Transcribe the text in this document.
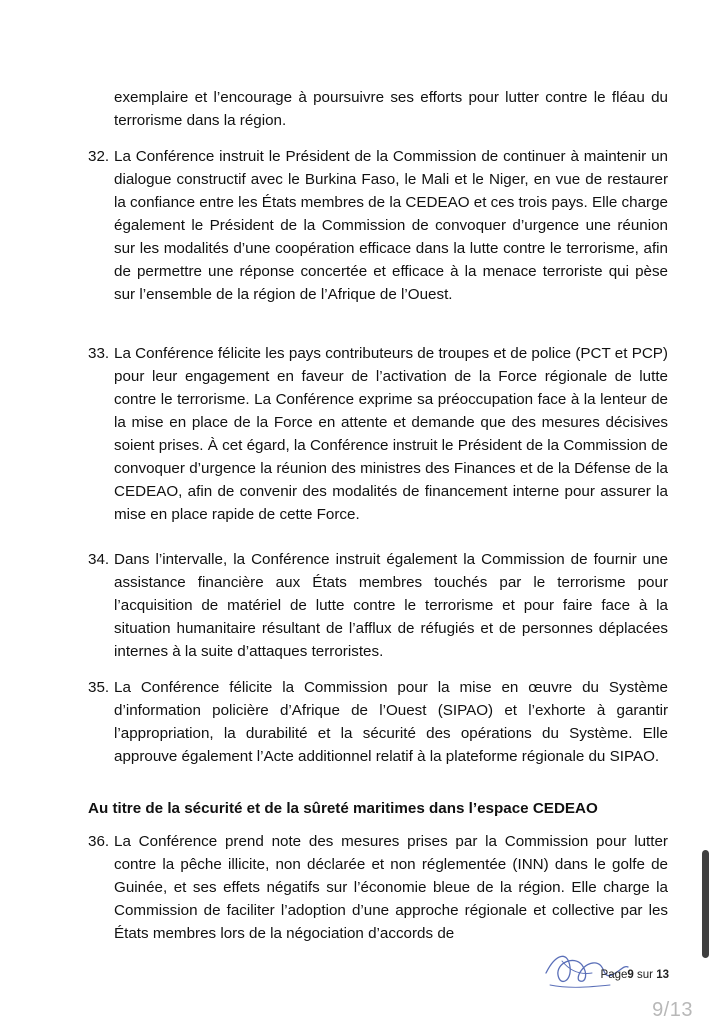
exemplaire et l’encourage à poursuivre ses efforts pour lutter contre le fléau du terrorisme dans la région.
32. La Conférence instruit le Président de la Commission de continuer à maintenir un dialogue constructif avec le Burkina Faso, le Mali et le Niger, en vue de restaurer la confiance entre les États membres de la CEDEAO et ces trois pays. Elle charge également le Président de la Commission de convoquer d’urgence une réunion sur les modalités d’une coopération efficace dans la lutte contre le terrorisme, afin de permettre une réponse concertée et efficace à la menace terroriste qui pèse sur l’ensemble de la région de l’Afrique de l’Ouest.
33. La Conférence félicite les pays contributeurs de troupes et de police (PCT et PCP) pour leur engagement en faveur de l’activation de la Force régionale de lutte contre le terrorisme. La Conférence exprime sa préoccupation face à la lenteur de la mise en place de la Force en attente et demande que des mesures décisives soient prises. À cet égard, la Conférence instruit le Président de la Commission de convoquer d’urgence la réunion des ministres des Finances et de la Défense de la CEDEAO, afin de convenir des modalités de financement interne pour assurer la mise en place rapide de cette Force.
34. Dans l’intervalle, la Conférence instruit également la Commission de fournir une assistance financière aux États membres touchés par le terrorisme pour l’acquisition de matériel de lutte contre le terrorisme et pour faire face à la situation humanitaire résultant de l’afflux de réfugiés et de personnes déplacées internes à la suite d’attaques terroristes.
35. La Conférence félicite la Commission pour la mise en œuvre du Système d’information policière d’Afrique de l’Ouest (SIPAO) et l’exhorte à garantir l’appropriation, la durabilité et la sécurité des opérations du Système. Elle approuve également l’Acte additionnel relatif à la plateforme régionale du SIPAO.
Au titre de la sécurité et de la sûreté maritimes dans l’espace CEDEAO
36. La Conférence prend note des mesures prises par la Commission pour lutter contre la pêche illicite, non déclarée et non réglementée (INN) dans le golfe de Guinée, et ses effets négatifs sur l’économie bleue de la région. Elle charge la Commission de faciliter l’adoption d’une approche régionale et collective par les États membres lors de la négociation d’accords de
Page9 sur 13
9/13
